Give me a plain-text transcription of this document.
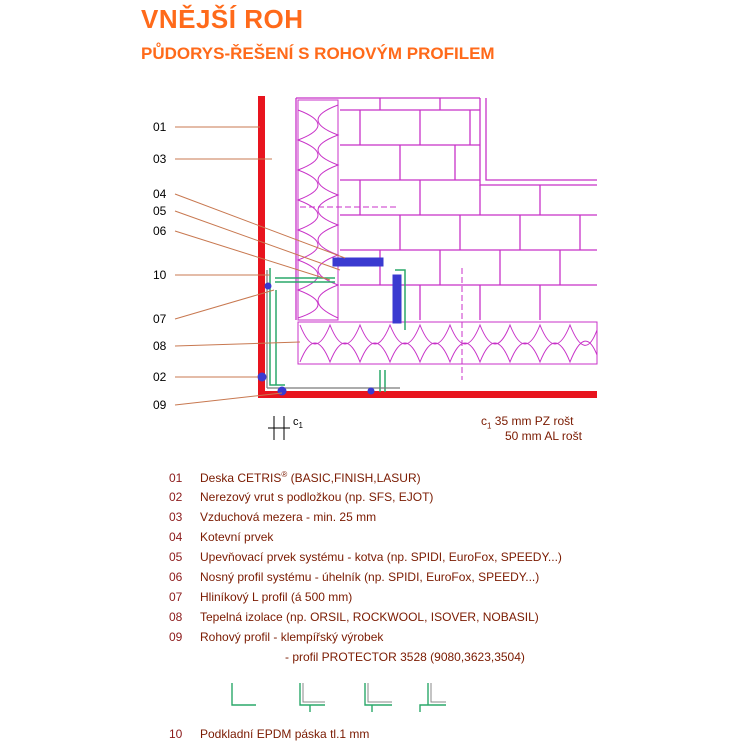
VNĚJŠÍ ROH
PŮDORYS-ŘEŠENÍ S ROHOVÝM PROFILEM
01
03
04
05
06
10
07
08
02
09
$c_1$	$c_1$ 35 mm PZ rošt
50 mm AL rošt
01 Deska CETRIS® (BASIC,FINISH,LASUR)
02 Nerezový vrut s podložkou (np. SFS, EJOT)
03 Vzduchová mezera - min. 25 mm
04 Kotevní prvek
05 Upevňovací prvek systému - kotva (np. SPIDI, EuroFox, SPEEDY...)
06 Nosný profil systému - úhelník (np. SPIDI, EuroFox, SPEEDY...)
07 Hliníkový L profil (á 500 mm)
08 Tepelná izolace (np. ORSIL, ROCKWOOL, ISOVER, NOBASIL)
09 Rohový profil - klempířský výrobek
- profil PROTECTOR 3528 (9080,3623,3504)
10 Podkladní EPDM páska tl.1 mm
